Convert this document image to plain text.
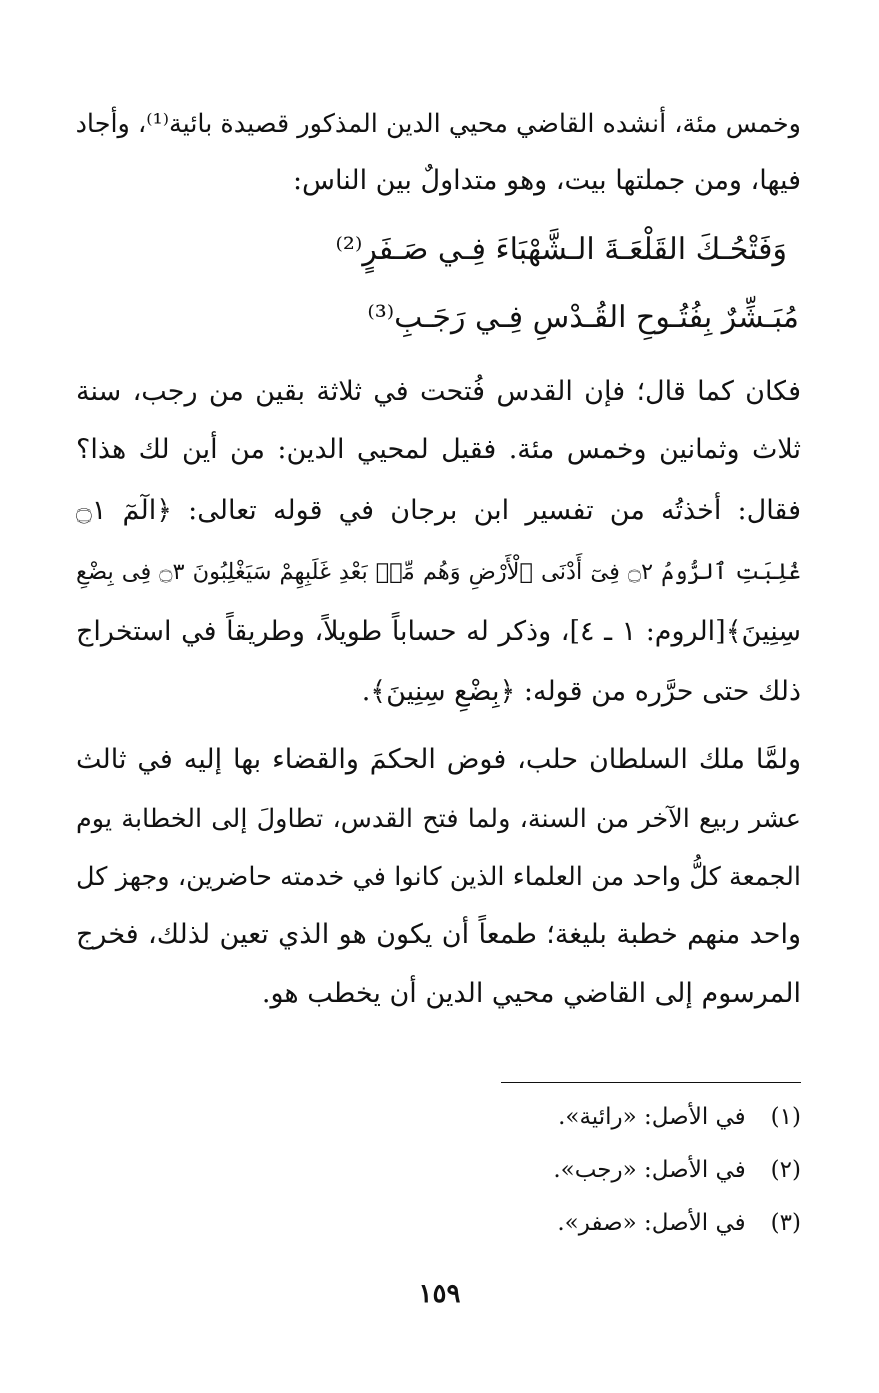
وخمس مئة، أنشده القاضي محيي الدين المذكور قصيدة بائية⁽¹⁾، وأجاد
فيها، ومن جملتها بيت، وهو متداولٌ بين الناس:
وَفَتْحُـكَ القَلْعَـةَ الـشَّهْبَاءَ فِـي صَـفَرٍ⁽²⁾
مُبَـشِّرٌ بِفُتُـوحِ القُـدْسِ فِـي رَجَـبِ⁽³⁾
فكان كما قال؛ فإن القدس فُتحت في ثلاثة بقين من رجب، سنة
ثلاث وثمانين وخمس مئة. فقيل لمحيي الدين: من أين لك هذا؟
فقال: أخذتُه من تفسير ابن برجان في قوله تعالى: ﴿الٓمٓ ۝١
غُلِبَتِ ٱلرُّومُ ۝٢ فِىٓ أَدْنَى ٱلْأَرْضِ وَهُم مِّنۢ بَعْدِ غَلَبِهِمْ سَيَغْلِبُونَ ۝٣ فِى بِضْعِ
سِنِينَ﴾[الروم: ١ ـ ٤]، وذكر له حساباً طويلاً، وطريقاً في استخراج
ذلك حتى حرَّره من قوله: ﴿بِضْعِ سِنِينَ﴾.
ولمَّا ملك السلطان حلب، فوض الحكمَ والقضاء بها إليه في ثالث
عشر ربيع الآخر من السنة، ولما فتح القدس، تطاولَ إلى الخطابة يوم
الجمعة كلُّ واحد من العلماء الذين كانوا في خدمته حاضرين، وجهز كل
واحد منهم خطبة بليغة؛ طمعاً أن يكون هو الذي تعين لذلك، فخرج
المرسوم إلى القاضي محيي الدين أن يخطب هو.
(١) في الأصل: «رائية».
(٢) في الأصل: «رجب».
(٣) في الأصل: «صفر».
١٥٩
